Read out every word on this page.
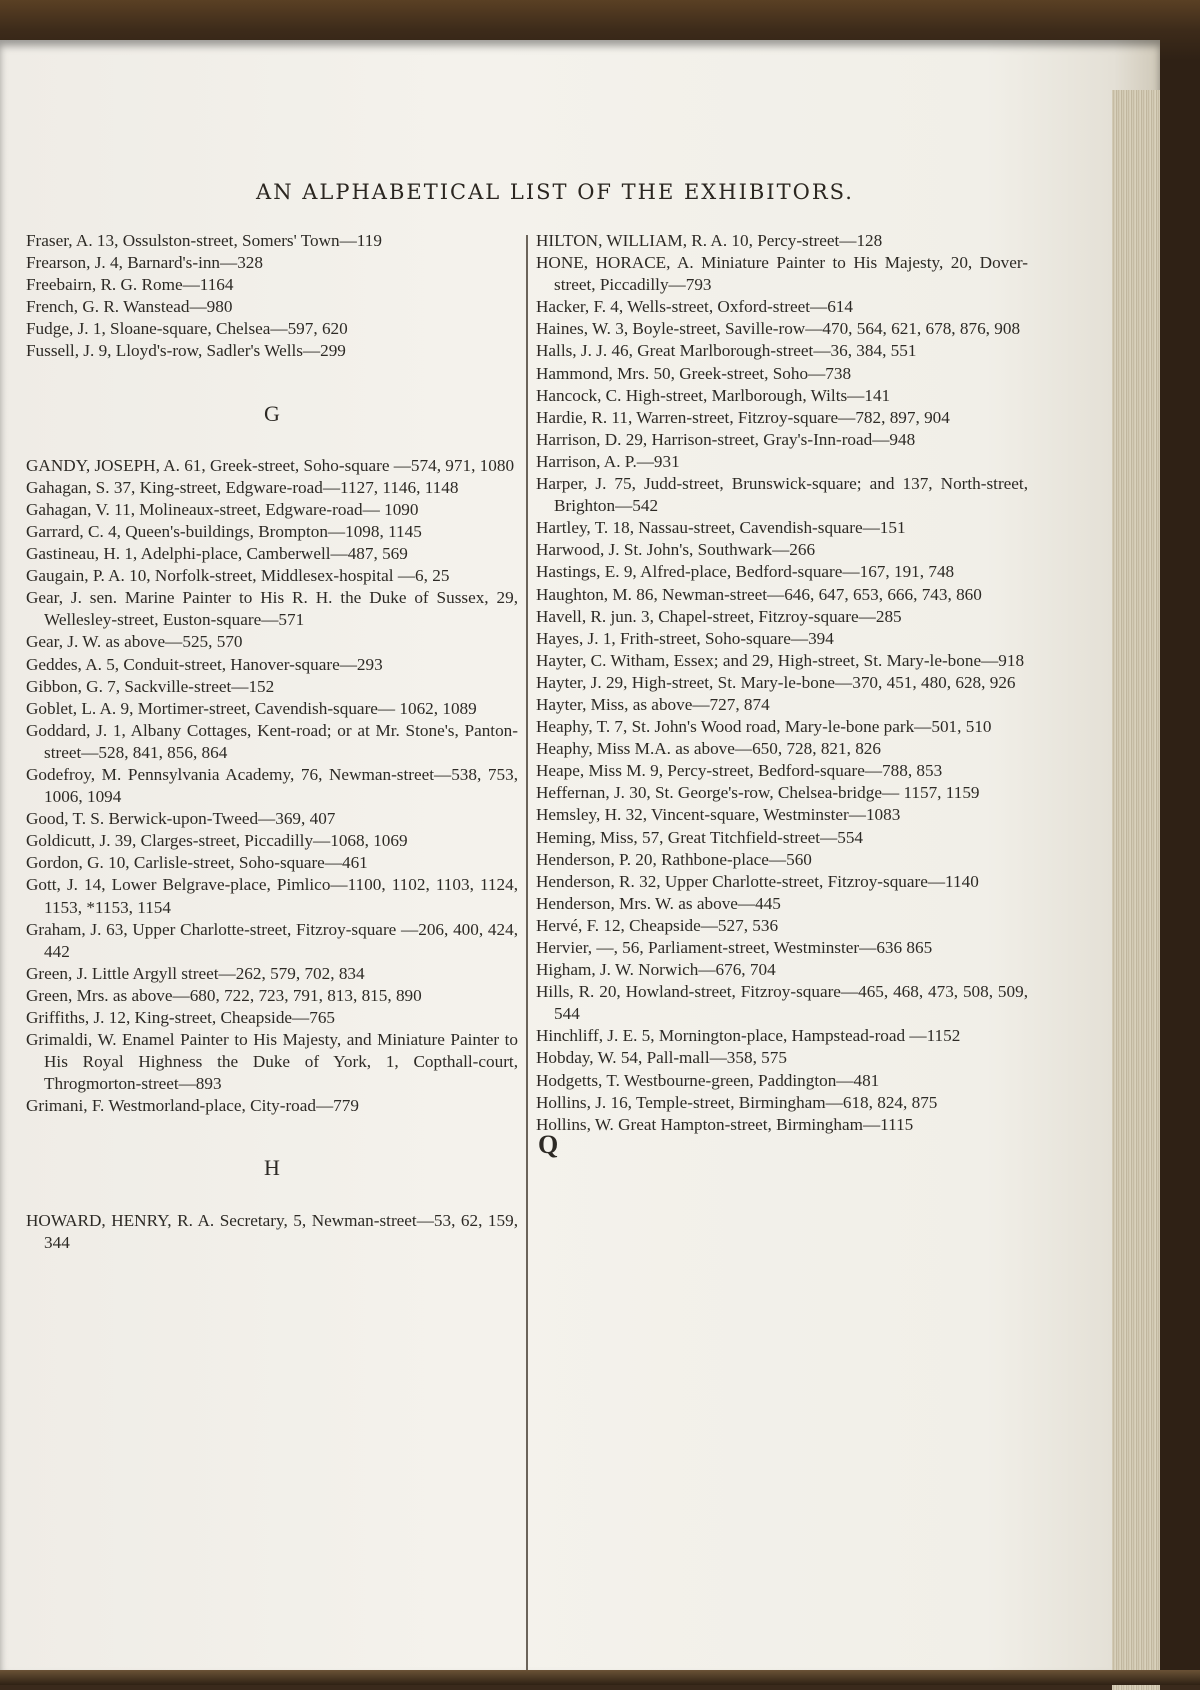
AN ALPHABETICAL LIST OF THE EXHIBITORS.
Fraser, A. 13, Ossulston-street, Somers' Town—119
Frearson, J. 4, Barnard's-inn—328
Freebairn, R. G. Rome—1164
French, G. R. Wanstead—980
Fudge, J. 1, Sloane-square, Chelsea—597, 620
Fussell, J. 9, Lloyd's-row, Sadler's Wells—299
G
GANDY, JOSEPH, A. 61, Greek-street, Soho-square —574, 971, 1080
Gahagan, S. 37, King-street, Edgware-road—1127, 1146, 1148
Gahagan, V. 11, Molineaux-street, Edgware-road— 1090
Garrard, C. 4, Queen's-buildings, Brompton—1098, 1145
Gastineau, H. 1, Adelphi-place, Camberwell—487, 569
Gaugain, P. A. 10, Norfolk-street, Middlesex-hospital —6, 25
Gear, J. sen. Marine Painter to His R. H. the Duke of Sussex, 29, Wellesley-street, Euston-square—571
Gear, J. W. as above—525, 570
Geddes, A. 5, Conduit-street, Hanover-square—293
Gibbon, G. 7, Sackville-street—152
Goblet, L. A. 9, Mortimer-street, Cavendish-square— 1062, 1089
Goddard, J. 1, Albany Cottages, Kent-road; or at Mr. Stone's, Panton-street—528, 841, 856, 864
Godefroy, M. Pennsylvania Academy, 76, Newman-street—538, 753, 1006, 1094
Good, T. S. Berwick-upon-Tweed—369, 407
Goldicutt, J. 39, Clarges-street, Piccadilly—1068, 1069
Gordon, G. 10, Carlisle-street, Soho-square—461
Gott, J. 14, Lower Belgrave-place, Pimlico—1100, 1102, 1103, 1124, 1153, *1153, 1154
Graham, J. 63, Upper Charlotte-street, Fitzroy-square —206, 400, 424, 442
Green, J. Little Argyll street—262, 579, 702, 834
Green, Mrs. as above—680, 722, 723, 791, 813, 815, 890
Griffiths, J. 12, King-street, Cheapside—765
Grimaldi, W. Enamel Painter to His Majesty, and Miniature Painter to His Royal Highness the Duke of York, 1, Copthall-court, Throgmorton-street—893
Grimani, F. Westmorland-place, City-road—779
H
HOWARD, HENRY, R. A. Secretary, 5, Newman-street—53, 62, 159, 344
HILTON, WILLIAM, R. A. 10, Percy-street—128
HONE, HORACE, A. Miniature Painter to His Majesty, 20, Dover-street, Piccadilly—793
Hacker, F. 4, Wells-street, Oxford-street—614
Haines, W. 3, Boyle-street, Saville-row—470, 564, 621, 678, 876, 908
Halls, J. J. 46, Great Marlborough-street—36, 384, 551
Hammond, Mrs. 50, Greek-street, Soho—738
Hancock, C. High-street, Marlborough, Wilts—141
Hardie, R. 11, Warren-street, Fitzroy-square—782, 897, 904
Harrison, D. 29, Harrison-street, Gray's-Inn-road—948
Harrison, A. P.—931
Harper, J. 75, Judd-street, Brunswick-square; and 137, North-street, Brighton—542
Hartley, T. 18, Nassau-street, Cavendish-square—151
Harwood, J. St. John's, Southwark—266
Hastings, E. 9, Alfred-place, Bedford-square—167, 191, 748
Haughton, M. 86, Newman-street—646, 647, 653, 666, 743, 860
Havell, R. jun. 3, Chapel-street, Fitzroy-square—285
Hayes, J. 1, Frith-street, Soho-square—394
Hayter, C. Witham, Essex; and 29, High-street, St. Mary-le-bone—918
Hayter, J. 29, High-street, St. Mary-le-bone—370, 451, 480, 628, 926
Hayter, Miss, as above—727, 874
Heaphy, T. 7, St. John's Wood road, Mary-le-bone park—501, 510
Heaphy, Miss M.A. as above—650, 728, 821, 826
Heape, Miss M. 9, Percy-street, Bedford-square—788, 853
Heffernan, J. 30, St. George's-row, Chelsea-bridge— 1157, 1159
Hemsley, H. 32, Vincent-square, Westminster—1083
Heming, Miss, 57, Great Titchfield-street—554
Henderson, P. 20, Rathbone-place—560
Henderson, R. 32, Upper Charlotte-street, Fitzroy-square—1140
Henderson, Mrs. W. as above—445
Hervé, F. 12, Cheapside—527, 536
Hervier, —, 56, Parliament-street, Westminster—636 865
Higham, J. W. Norwich—676, 704
Hills, R. 20, Howland-street, Fitzroy-square—465, 468, 473, 508, 509, 544
Hinchliff, J. E. 5, Mornington-place, Hampstead-road —1152
Hobday, W. 54, Pall-mall—358, 575
Hodgetts, T. Westbourne-green, Paddington—481
Hollins, J. 16, Temple-street, Birmingham—618, 824, 875
Hollins, W. Great Hampton-street, Birmingham—1115
Q
